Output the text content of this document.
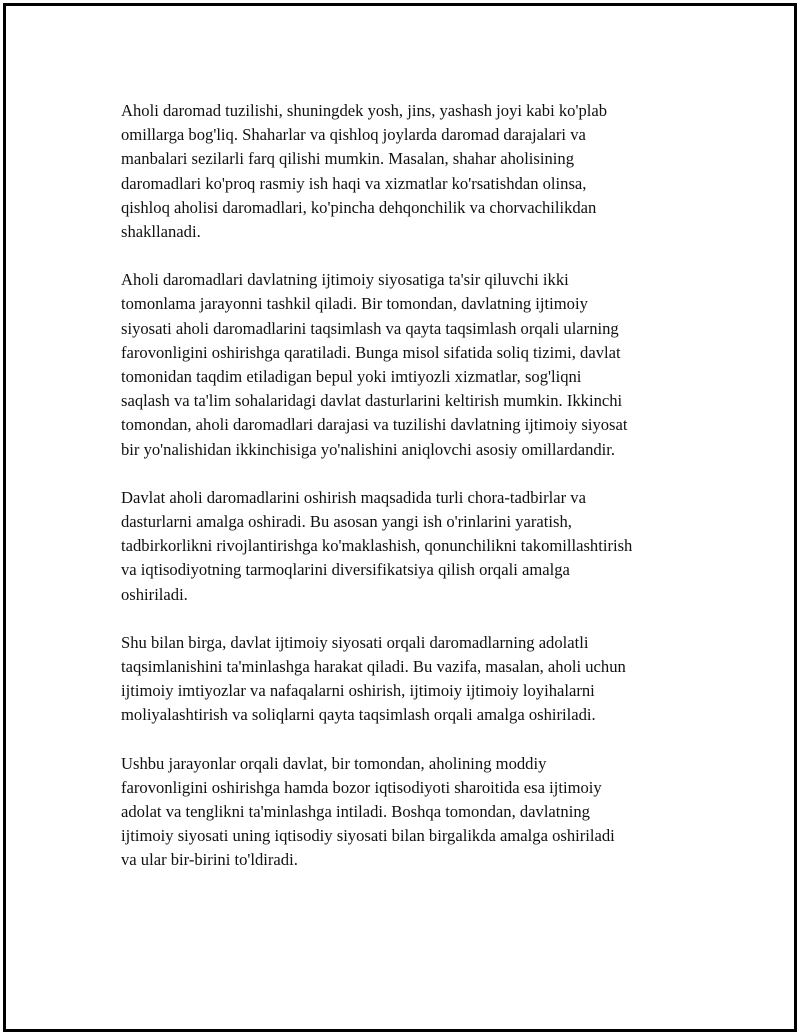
Aholi daromad tuzilishi, shuningdek yosh, jins, yashash joyi kabi ko'plab
omillarga bog'liq. Shaharlar va qishloq joylarda daromad darajalari va
manbalari sezilarli farq qilishi mumkin. Masalan, shahar aholisining
daromadlari ko'proq rasmiy ish haqi va xizmatlar ko'rsatishdan olinsa,
qishloq aholisi daromadlari, ko'pincha dehqonchilik va chorvachilikdan
shakllanadi.

Aholi daromadlari davlatning ijtimoiy siyosatiga ta'sir qiluvchi ikki
tomonlama jarayonni tashkil qiladi. Bir tomondan, davlatning ijtimoiy
siyosati aholi daromadlarini taqsimlash va qayta taqsimlash orqali ularning
farovonligini oshirishga qaratiladi. Bunga misol sifatida soliq tizimi, davlat
tomonidan taqdim etiladigan bepul yoki imtiyozli xizmatlar, sog'liqni
saqlash va ta'lim sohalaridagi davlat dasturlarini keltirish mumkin. Ikkinchi
tomondan, aholi daromadlari darajasi va tuzilishi davlatning ijtimoiy siyosat
bir yo'nalishidan ikkinchisiga yo'nalishini aniqlovchi asosiy omillardandir.

Davlat aholi daromadlarini oshirish maqsadida turli chora-tadbirlar va
dasturlarni amalga oshiradi. Bu asosan yangi ish o'rinlarini yaratish,
tadbirkorlikni rivojlantirishga ko'maklashish, qonunchilikni takomillashtirish
va iqtisodiyotning tarmoqlarini diversifikatsiya qilish orqali amalga
oshiriladi.

Shu bilan birga, davlat ijtimoiy siyosati orqali daromadlarning adolatli
taqsimlanishini ta'minlashga harakat qiladi. Bu vazifa, masalan, aholi uchun
ijtimoiy imtiyozlar va nafaqalarni oshirish, ijtimoiy ijtimoiy loyihalarni
moliyalashtirish va soliqlarni qayta taqsimlash orqali amalga oshiriladi.

Ushbu jarayonlar orqali davlat, bir tomondan, aholining moddiy
farovonligini oshirishga hamda bozor iqtisodiyoti sharoitida esa ijtimoiy
adolat va tenglikni ta'minlashga intiladi. Boshqa tomondan, davlatning
ijtimoiy siyosati uning iqtisodiy siyosati bilan birgalikda amalga oshiriladi
va ular bir-birini to'ldiradi.
